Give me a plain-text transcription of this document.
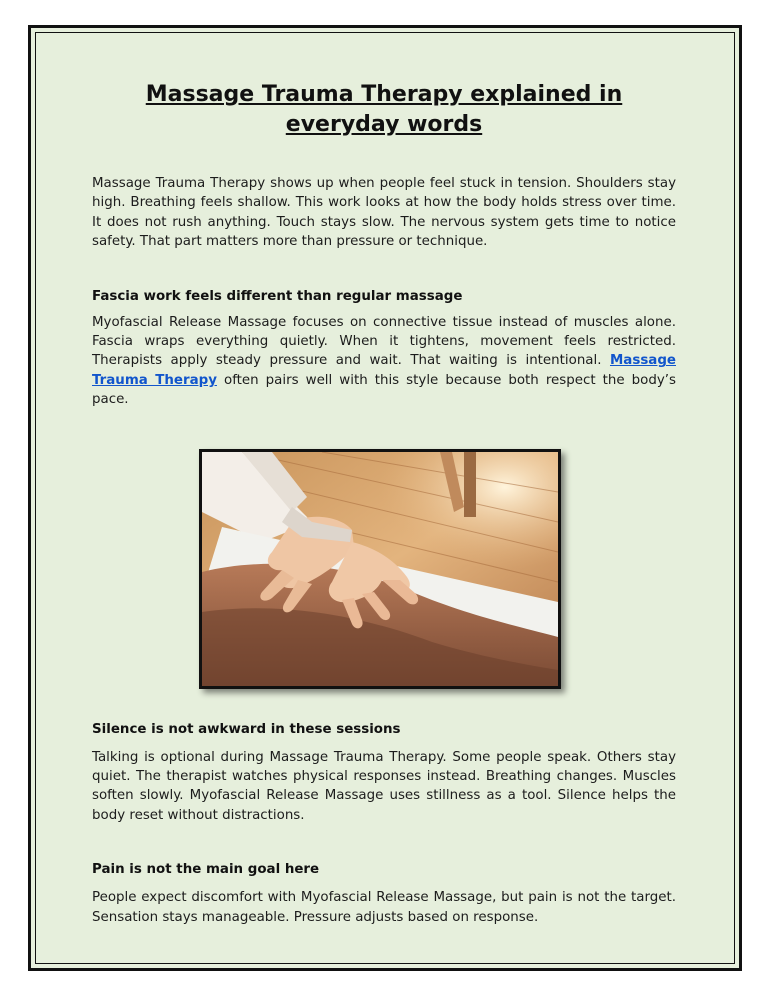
Massage Trauma Therapy explained in everyday words

Massage Trauma Therapy shows up when people feel stuck in tension. Shoulders stay high. Breathing feels shallow. This work looks at how the body holds stress over time. It does not rush anything. Touch stays slow. The nervous system gets time to notice safety. That part matters more than pressure or technique.

Fascia work feels different than regular massage

Myofascial Release Massage focuses on connective tissue instead of muscles alone. Fascia wraps everything quietly. When it tightens, movement feels restricted. Therapists apply steady pressure and wait. That waiting is intentional. Massage Trauma Therapy often pairs well with this style because both respect the body’s pace.

Silence is not awkward in these sessions

Talking is optional during Massage Trauma Therapy. Some people speak. Others stay quiet. The therapist watches physical responses instead. Breathing changes. Muscles soften slowly. Myofascial Release Massage uses stillness as a tool. Silence helps the body reset without distractions.

Pain is not the main goal here

People expect discomfort with Myofascial Release Massage, but pain is not the target. Sensation stays manageable. Pressure adjusts based on response.
